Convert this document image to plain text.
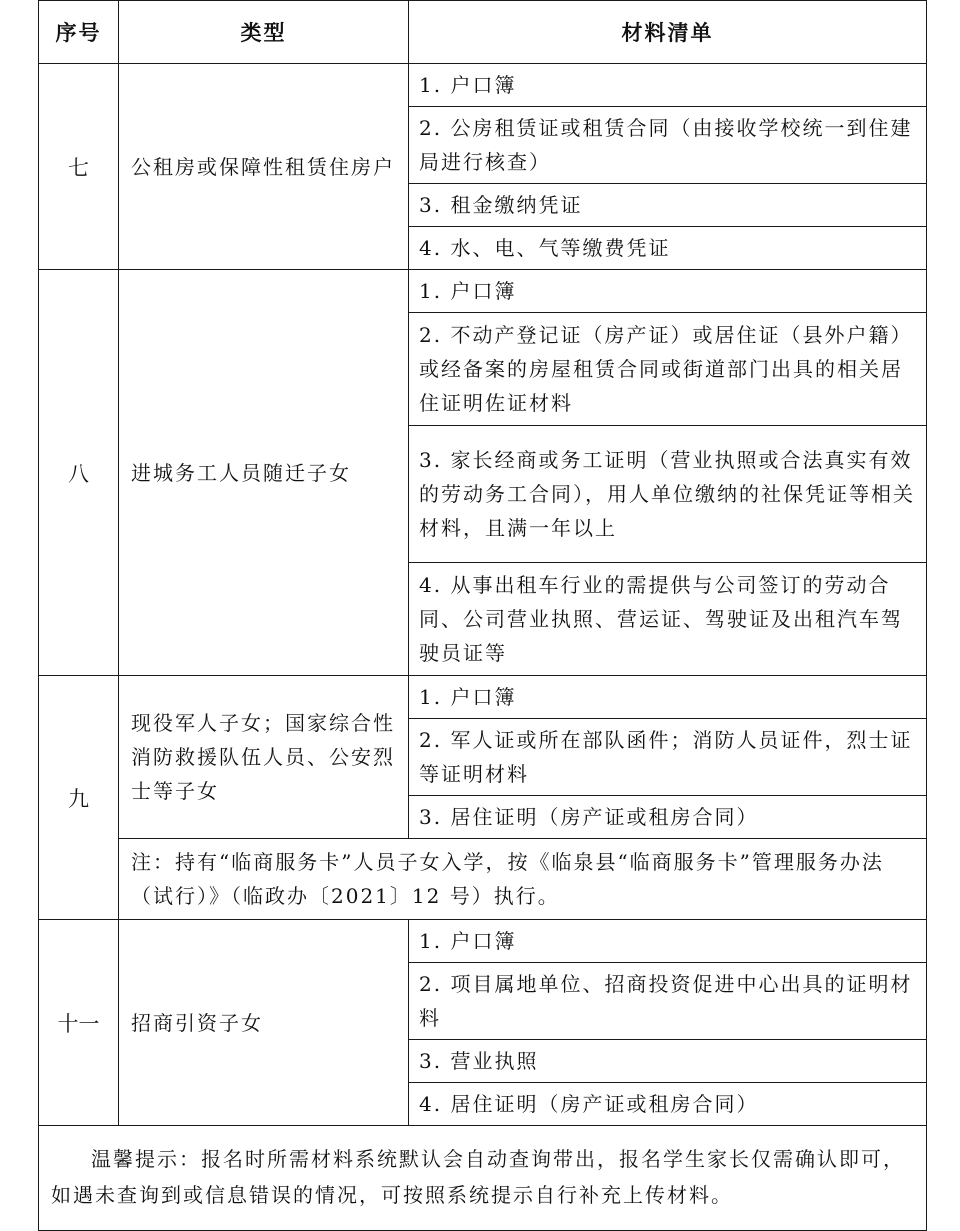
序号	类型	材料清单
七	公租房或保障性租赁住房户	1. 户口簿
		2. 公房租赁证或租赁合同（由接收学校统一到住建局进行核查）
		3. 租金缴纳凭证
		4. 水、电、气等缴费凭证
八	进城务工人员随迁子女	1. 户口簿
		2. 不动产登记证（房产证）或居住证（县外户籍）或经备案的房屋租赁合同或街道部门出具的相关居住证明佐证材料
		3. 家长经商或务工证明（营业执照或合法真实有效的劳动务工合同），用人单位缴纳的社保凭证等相关材料，且满一年以上
		4. 从事出租车行业的需提供与公司签订的劳动合同、公司营业执照、营运证、驾驶证及出租汽车驾驶员证等
九	现役军人子女；国家综合性消防救援队伍人员、公安烈士等子女	1. 户口簿
		2. 军人证或所在部队函件；消防人员证件，烈士证等证明材料
		3. 居住证明（房产证或租房合同）
	注：持有“临商服务卡”人员子女入学，按《临泉县“临商服务卡”管理服务办法（试行）》（临政办〔2021〕12 号）执行。	
十一	招商引资子女	1. 户口簿
		2. 项目属地单位、招商投资促进中心出具的证明材料
		3. 营业执照
		4. 居住证明（房产证或租房合同）
温馨提示：报名时所需材料系统默认会自动查询带出，报名学生家长仅需确认即可，如遇未查询到或信息错误的情况，可按照系统提示自行补充上传材料。		
